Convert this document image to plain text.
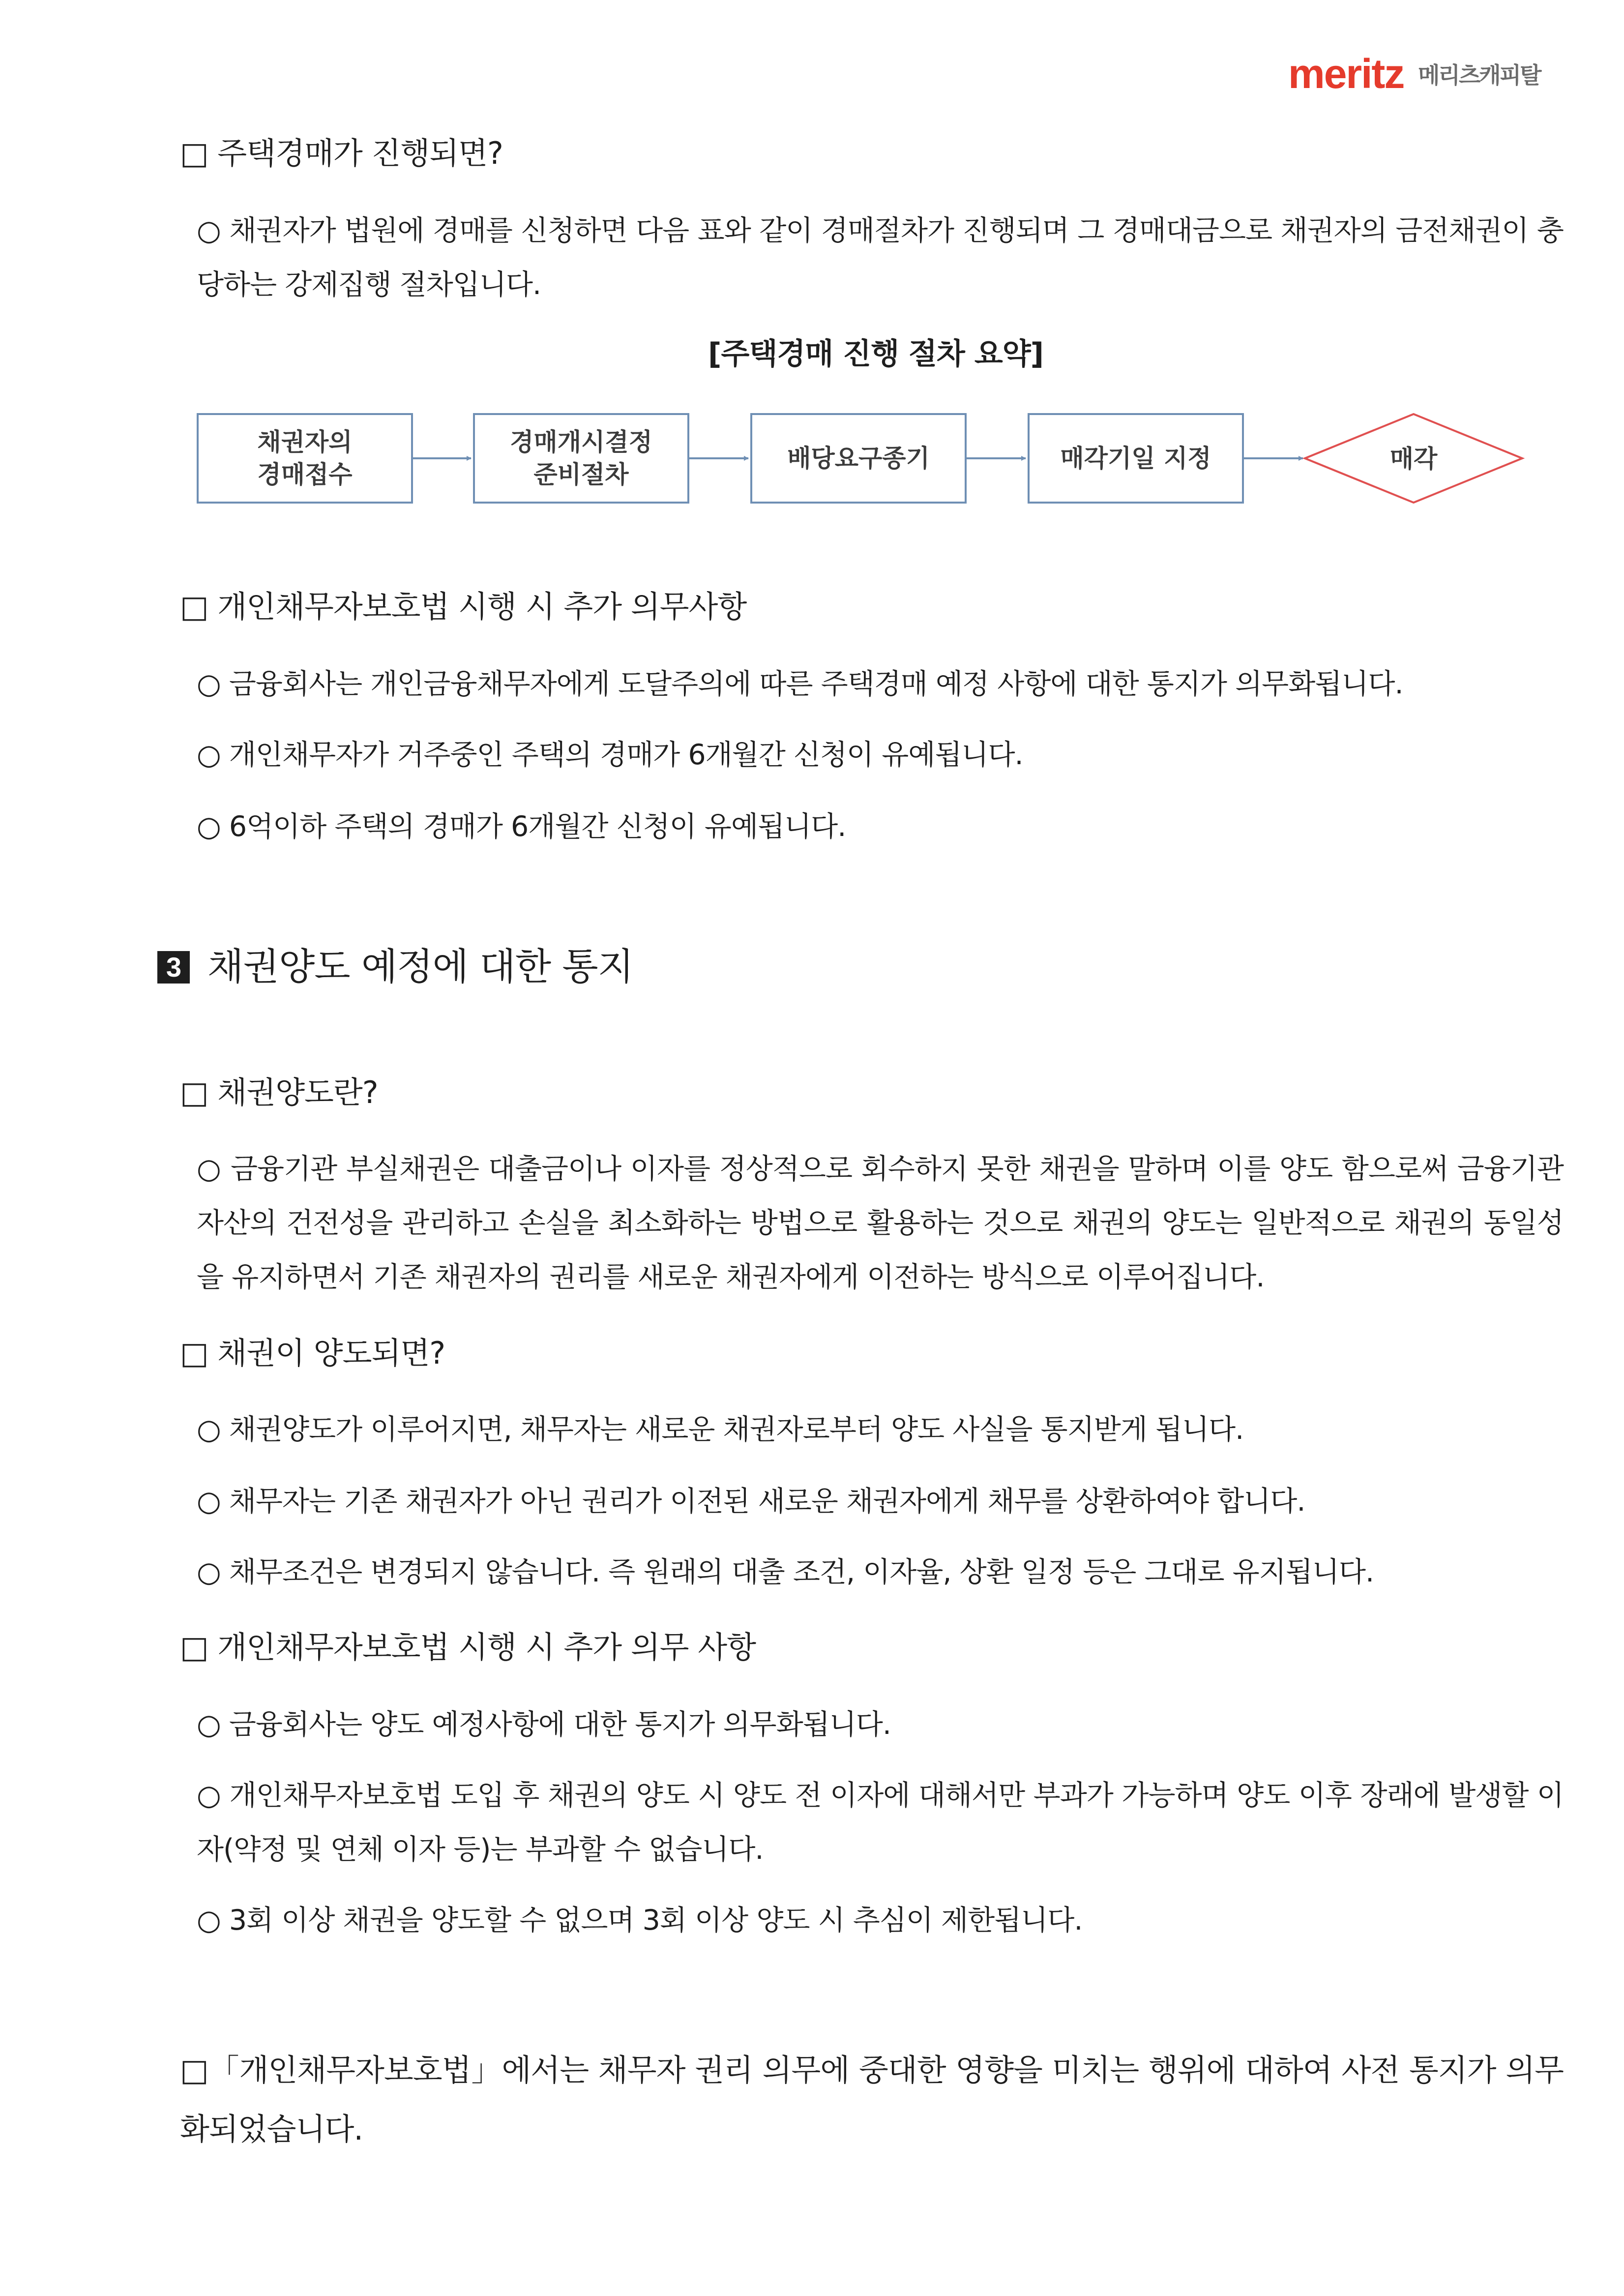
meritz 메리츠캐피탈
□ 주택경매가 진행되면?
○ 채권자가 법원에 경매를 신청하면 다음 표와 같이 경매절차가 진행되며 그 경매대금으로 채권자의 금전채권이 충당하는 강제집행 절차입니다.
[주택경매 진행 절차 요약]
채권자의
경매접수
경매개시결정
준비절차
배당요구종기	매각기일 지정	매각
□ 개인채무자보호법 시행 시 추가 의무사항
○ 금융회사는 개인금융채무자에게 도달주의에 따른 주택경매 예정 사항에 대한 통지가 의무화됩니다.
○ 개인채무자가 거주중인 주택의 경매가 6개월간 신청이 유예됩니다.
○ 6억이하 주택의 경매가 6개월간 신청이 유예됩니다.
3 채권양도 예정에 대한 통지
□ 채권양도란?
○ 금융기관 부실채권은 대출금이나 이자를 정상적으로 회수하지 못한 채권을 말하며 이를 양도 함으로써 금융기관 자산의 건전성을 관리하고 손실을 최소화하는 방법으로 활용하는 것으로 채권의 양도는 일반적으로 채권의 동일성을 유지하면서 기존 채권자의 권리를 새로운 채권자에게 이전하는 방식으로 이루어집니다.
□ 채권이 양도되면?
○ 채권양도가 이루어지면, 채무자는 새로운 채권자로부터 양도 사실을 통지받게 됩니다.
○ 채무자는 기존 채권자가 아닌 권리가 이전된 새로운 채권자에게 채무를 상환하여야 합니다.
○ 채무조건은 변경되지 않습니다. 즉 원래의 대출 조건, 이자율, 상환 일정 등은 그대로 유지됩니다.
□ 개인채무자보호법 시행 시 추가 의무 사항
○ 금융회사는 양도 예정사항에 대한 통지가 의무화됩니다.
○ 개인채무자보호법 도입 후 채권의 양도 시 양도 전 이자에 대해서만 부과가 가능하며 양도 이후 장래에 발생할 이자(약정 및 연체 이자 등)는 부과할 수 없습니다.
○ 3회 이상 채권을 양도할 수 없으며 3회 이상 양도 시 추심이 제한됩니다.
□「개인채무자보호법」에서는 채무자 권리 의무에 중대한 영향을 미치는 행위에 대하여 사전 통지가 의무화되었습니다.
